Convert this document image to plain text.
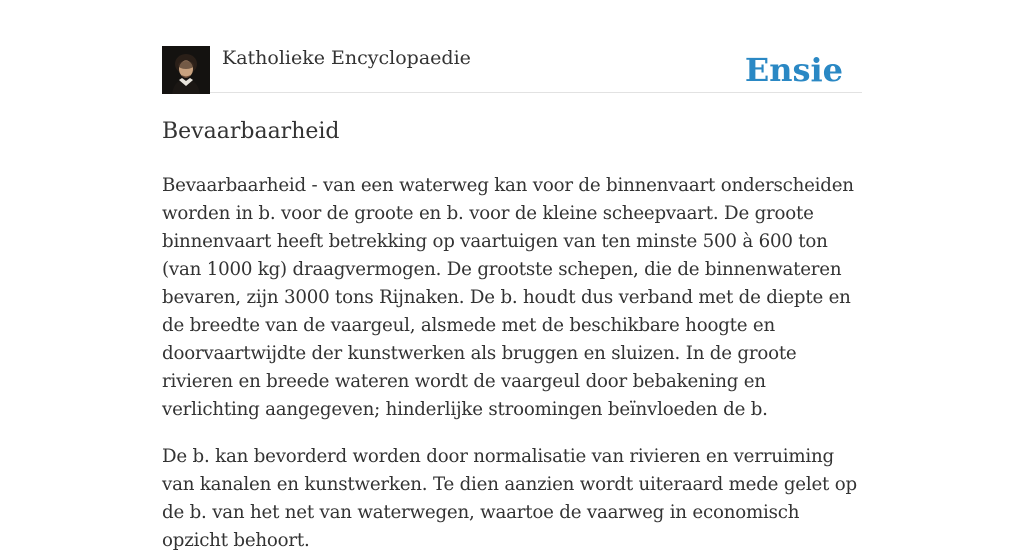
Katholieke Encyclopaedie	Ensie
Bevaarbaarheid

Bevaarbaarheid - van een waterweg kan voor de binnenvaart onderscheiden worden in b. voor de groote en b. voor de kleine scheepvaart. De groote binnenvaart heeft betrekking op vaartuigen van ten minste 500 à 600 ton (van 1000 kg) draagvermogen. De grootste schepen, die de binnenwateren bevaren, zijn 3000 tons Rijnaken. De b. houdt dus verband met de diepte en de breedte van de vaargeul, alsmede met de beschikbare hoogte en doorvaartwijdte der kunstwerken als bruggen en sluizen. In de groote rivieren en breede wateren wordt de vaargeul door bebakening en verlichting aangegeven; hinderlijke stroomingen beïnvloeden de b.

De b. kan bevorderd worden door normalisatie van rivieren en verruiming van kanalen en kunstwerken. Te dien aanzien wordt uiteraard mede gelet op de b. van het net van waterwegen, waartoe de vaarweg in economisch opzicht behoort.
